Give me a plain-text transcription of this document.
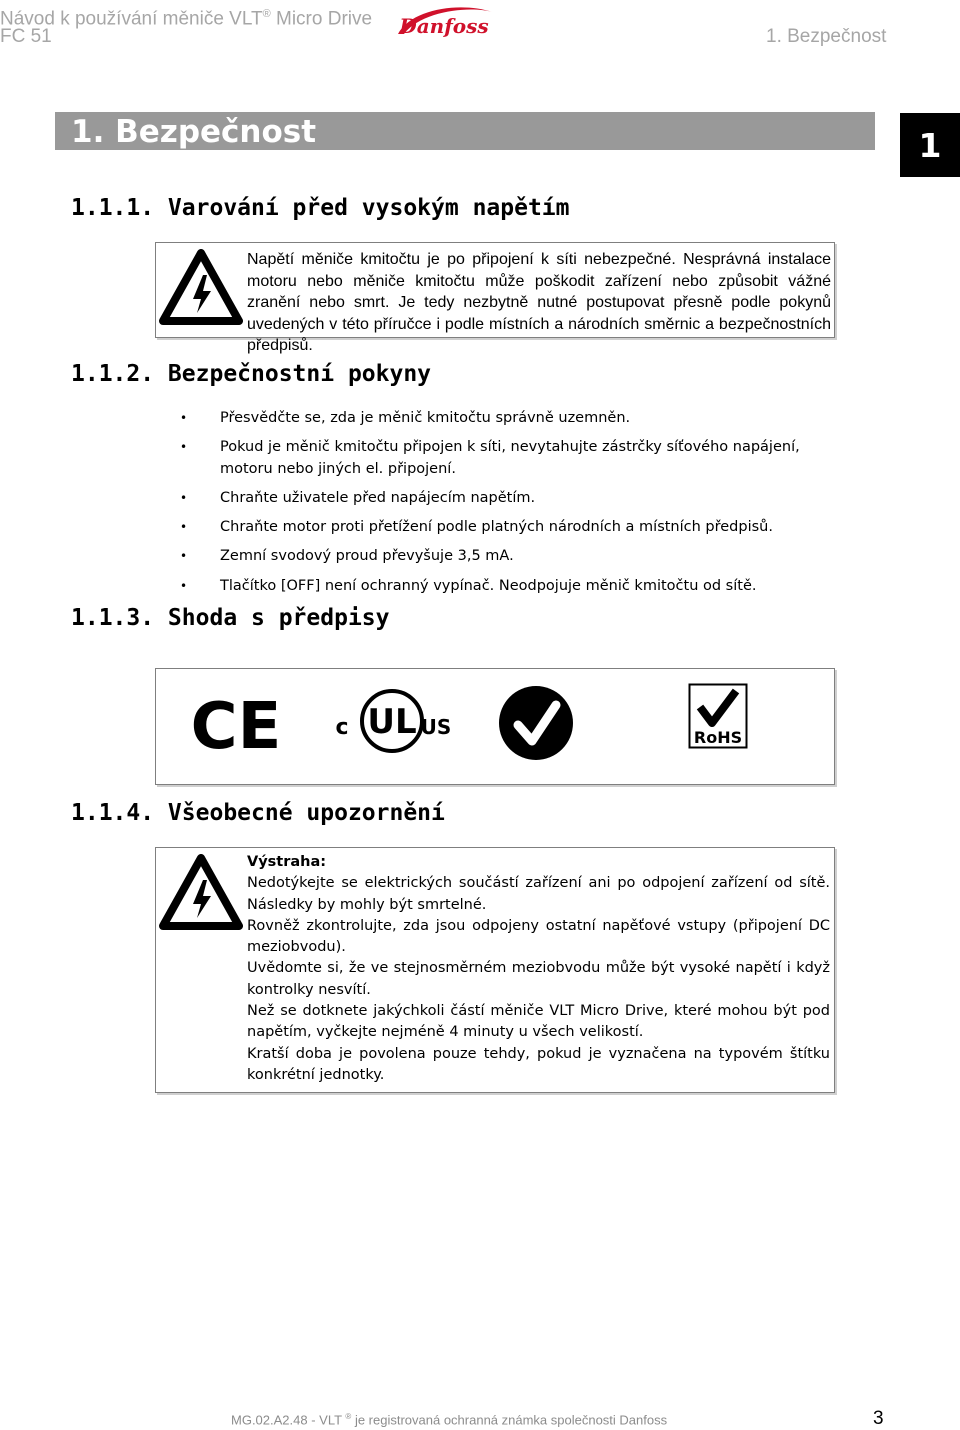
Návod k používání měniče VLT® Micro Drive
FC 51	1. Bezpečnost
Danfoss
1. Bezpečnost	1
1.1.1. Varování před vysokým napětím
Napětí měniče kmitočtu je po připojení k síti nebezpečné. Nesprávná instalace motoru nebo měniče kmitočtu může poškodit zařízení nebo způsobit vážné zranění nebo smrt. Je tedy nezbytně nutné postupovat přesně podle pokynů uvedených v této příručce i podle místních a národních směrnic a bezpečnostních předpisů.
1.1.2. Bezpečnostní pokyny
• Přesvědčte se, zda je měnič kmitočtu správně uzemněn.
• Pokud je měnič kmitočtu připojen k síti, nevytahujte zástrčky síťového napájení, motoru nebo jiných el. připojení.
• Chraňte uživatele před napájecím napětím.
• Chraňte motor proti přetížení podle platných národních a místních předpisů.
• Zemní svodový proud převyšuje 3,5 mA.
• Tlačítko [OFF] není ochranný vypínač. Neodpojuje měnič kmitočtu od sítě.
1.1.3. Shoda s předpisy
CE	UL
c	US	RoHS
1.1.4. Všeobecné upozornění
Výstraha:
Nedotýkejte se elektrických součástí zařízení ani po odpojení zařízení od sítě. Následky by mohly být smrtelné.
Rovněž zkontrolujte, zda jsou odpojeny ostatní napěťové vstupy (připojení DC meziobvodu).
Uvědomte si, že ve stejnosměrném meziobvodu může být vysoké napětí i když kontrolky nesvítí.
Než se dotknete jakýchkoli částí měniče VLT Micro Drive, které mohou být pod napětím, vyčkejte nejméně 4 minuty u všech velikostí.
Kratší doba je povolena pouze tehdy, pokud je vyznačena na typovém štítku konkrétní jednotky.
MG.02.A2.48 - VLT ® je registrovaná ochranná známka společnosti Danfoss	3
